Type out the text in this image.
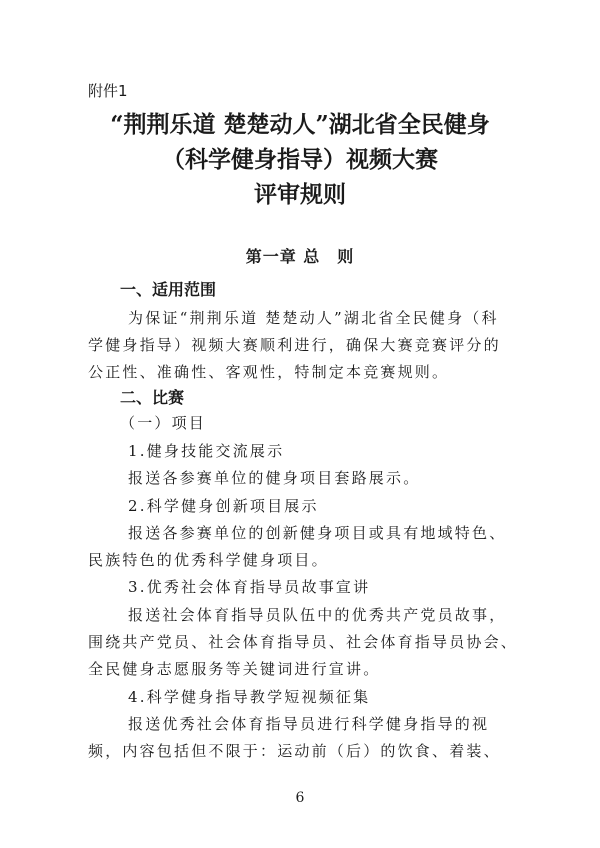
附件1
“荆荆乐道 楚楚动人”湖北省全民健身
（科学健身指导）视频大赛
评审规则
第一章 总　则
一、适用范围
为保证“荆荆乐道 楚楚动人”湖北省全民健身（科
学健身指导）视频大赛顺利进行，确保大赛竞赛评分的
公正性、准确性、客观性，特制定本竞赛规则。
二、比赛
（一）项目
1.健身技能交流展示
报送各参赛单位的健身项目套路展示。
2.科学健身创新项目展示
报送各参赛单位的创新健身项目或具有地域特色、
民族特色的优秀科学健身项目。
3.优秀社会体育指导员故事宣讲
报送社会体育指导员队伍中的优秀共产党员故事，
围绕共产党员、社会体育指导员、社会体育指导员协会、
全民健身志愿服务等关键词进行宣讲。
4.科学健身指导教学短视频征集
报送优秀社会体育指导员进行科学健身指导的视
频，内容包括但不限于：运动前（后）的饮食、着装、
6
